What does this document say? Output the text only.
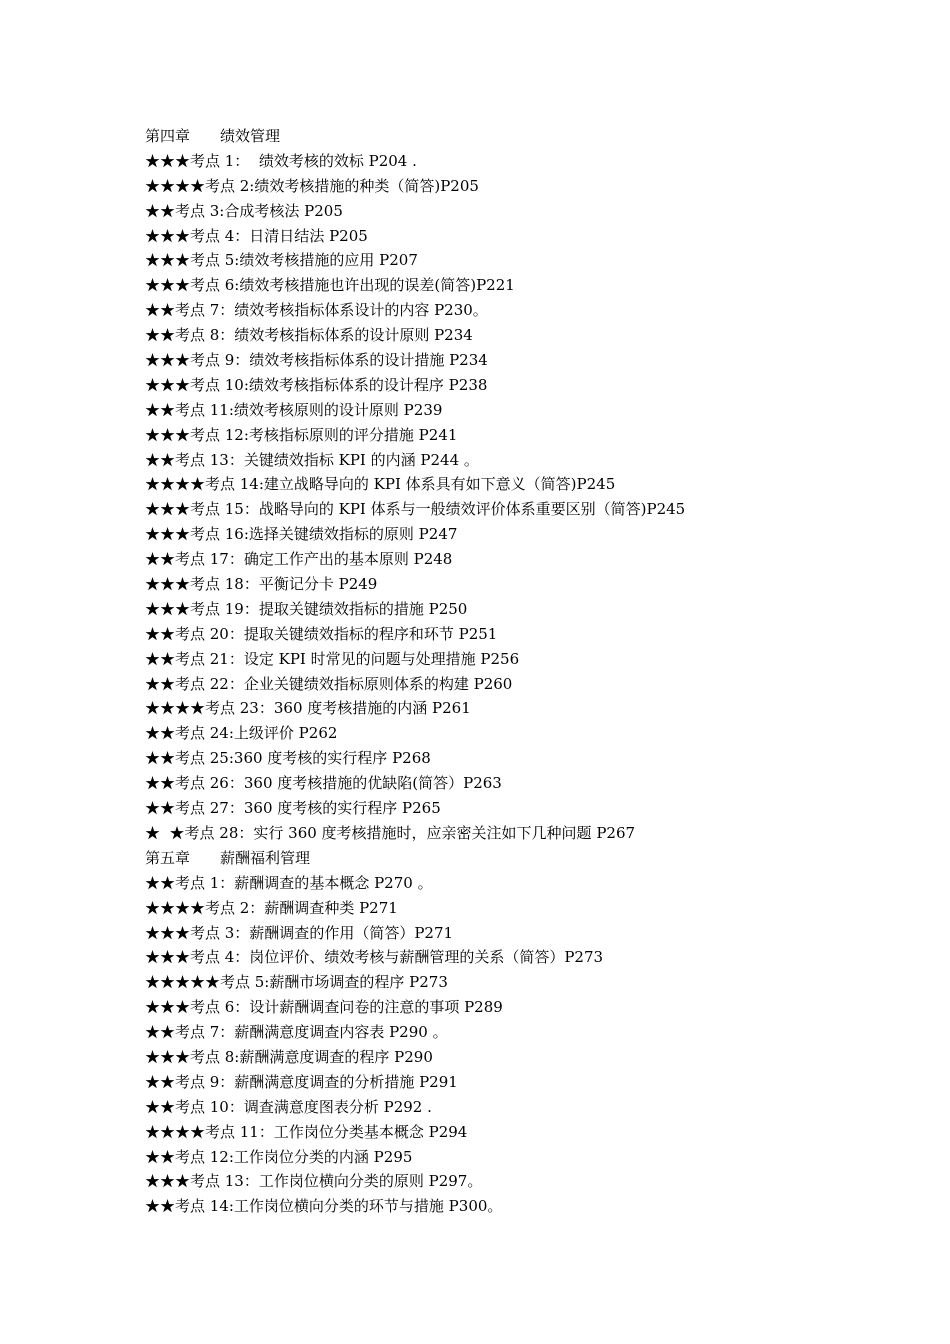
第四章　　绩效管理
★★★考点 1：  绩效考核的效标 P204 .
★★★★考点 2:绩效考核措施的种类（简答)P205
★★考点 3:合成考核法 P205
★★★考点 4：日清日结法 P205
★★★考点 5:绩效考核措施的应用 P207
★★★考点 6:绩效考核措施也许出现的误差(简答)P221
★★考点 7：绩效考核指标体系设计的内容 P230。
★★考点 8：绩效考核指标体系的设计原则 P234
★★★考点 9：绩效考核指标体系的设计措施 P234
★★★考点 10:绩效考核指标体系的设计程序 P238
★★考点 11:绩效考核原则的设计原则 P239
★★★考点 12:考核指标原则的评分措施 P241
★★考点 13：关键绩效指标 KPI 的内涵 P244 。
★★★★考点 14:建立战略导向的 KPI 体系具有如下意义（简答)P245
★★★考点 15：战略导向的 KPI 体系与一般绩效评价体系重要区别（简答)P245
★★★考点 16:选择关键绩效指标的原则 P247
★★考点 17：确定工作产出的基本原则 P248
★★★考点 18：平衡记分卡 P249
★★★考点 19：提取关键绩效指标的措施 P250
★★考点 20：提取关键绩效指标的程序和环节 P251
★★考点 21：设定 KPI 时常见的问题与处理措施 P256
★★考点 22：企业关键绩效指标原则体系的构建 P260
★★★★考点 23：360 度考核措施的内涵 P261
★★考点 24:上级评价 P262
★★考点 25:360 度考核的实行程序 P268
★★考点 26：360 度考核措施的优缺陷(简答）P263
★★考点 27：360 度考核的实行程序 P265
★  ★考点 28：实行 360 度考核措施时，应亲密关注如下几种问题 P267
第五章　　薪酬福利管理
★★考点 1：薪酬调查的基本概念 P270 。
★★★★考点 2：薪酬调查种类 P271
★★★考点 3：薪酬调查的作用（简答）P271
★★★考点 4：岗位评价、绩效考核与薪酬管理的关系（简答）P273
★★★★★考点 5:薪酬市场调查的程序 P273
★★★考点 6：设计薪酬调查问卷的注意的事项 P289
★★考点 7：薪酬满意度调查内容表 P290 。
★★★考点 8:薪酬满意度调查的程序 P290
★★考点 9：薪酬满意度调查的分析措施 P291
★★考点 10：调查满意度图表分析 P292 .
★★★★考点 11：工作岗位分类基本概念 P294
★★考点 12:工作岗位分类的内涵 P295
★★★考点 13：工作岗位横向分类的原则 P297。
★★考点 14:工作岗位横向分类的环节与措施 P300。
